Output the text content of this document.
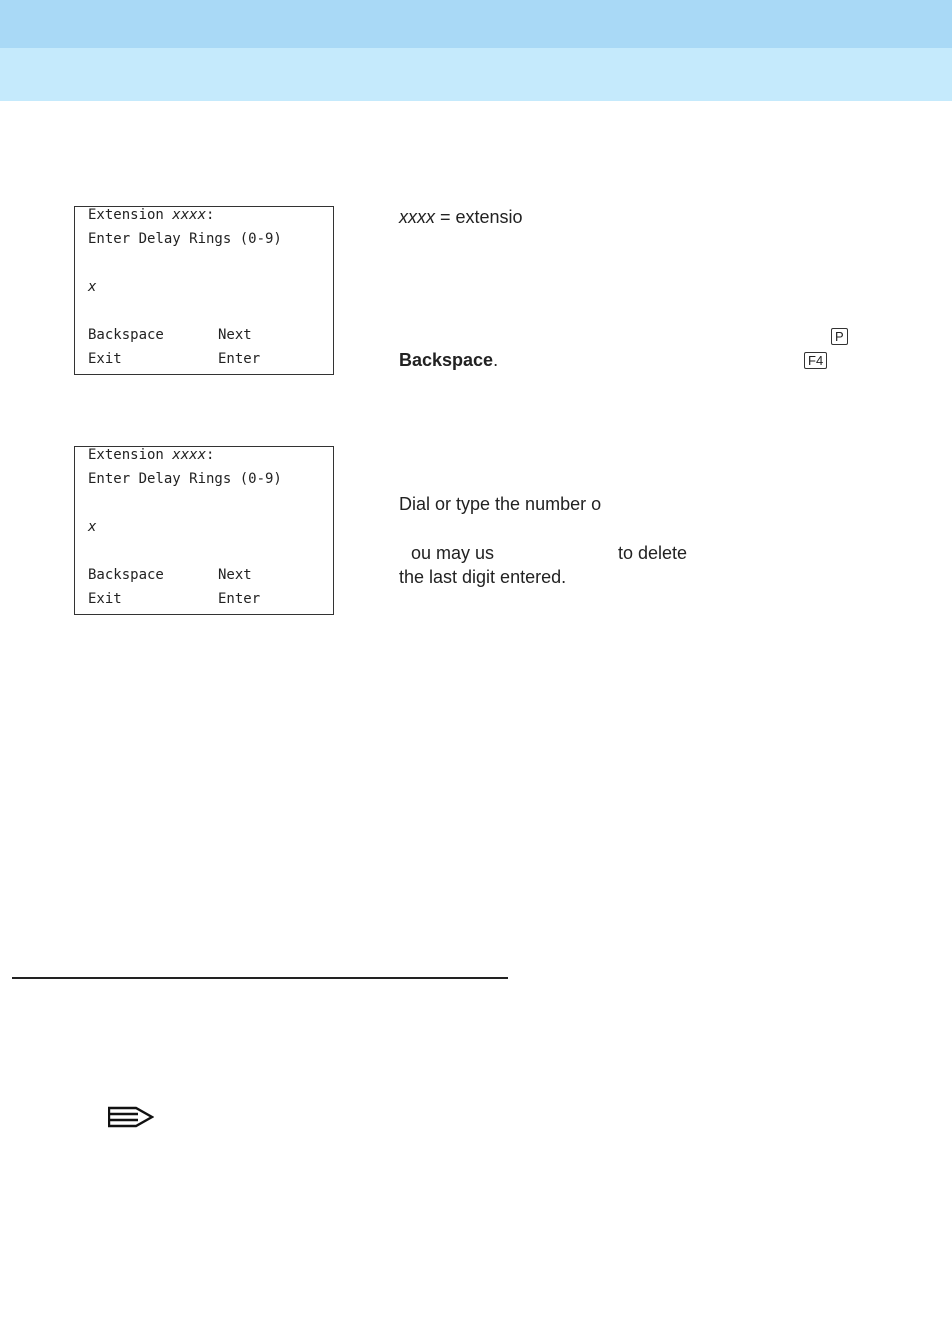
Extension xxxx:
Enter Delay Rings (0-9)
x
Backspace	Next
Exit	Enter
Extension xxxx:
Enter Delay Rings (0-9)
x
Backspace	Next
Exit	Enter
xxxx = extensio
P
Backspace.	F4
Dial or type the number o
ou may us	to delete
the last digit entered.
